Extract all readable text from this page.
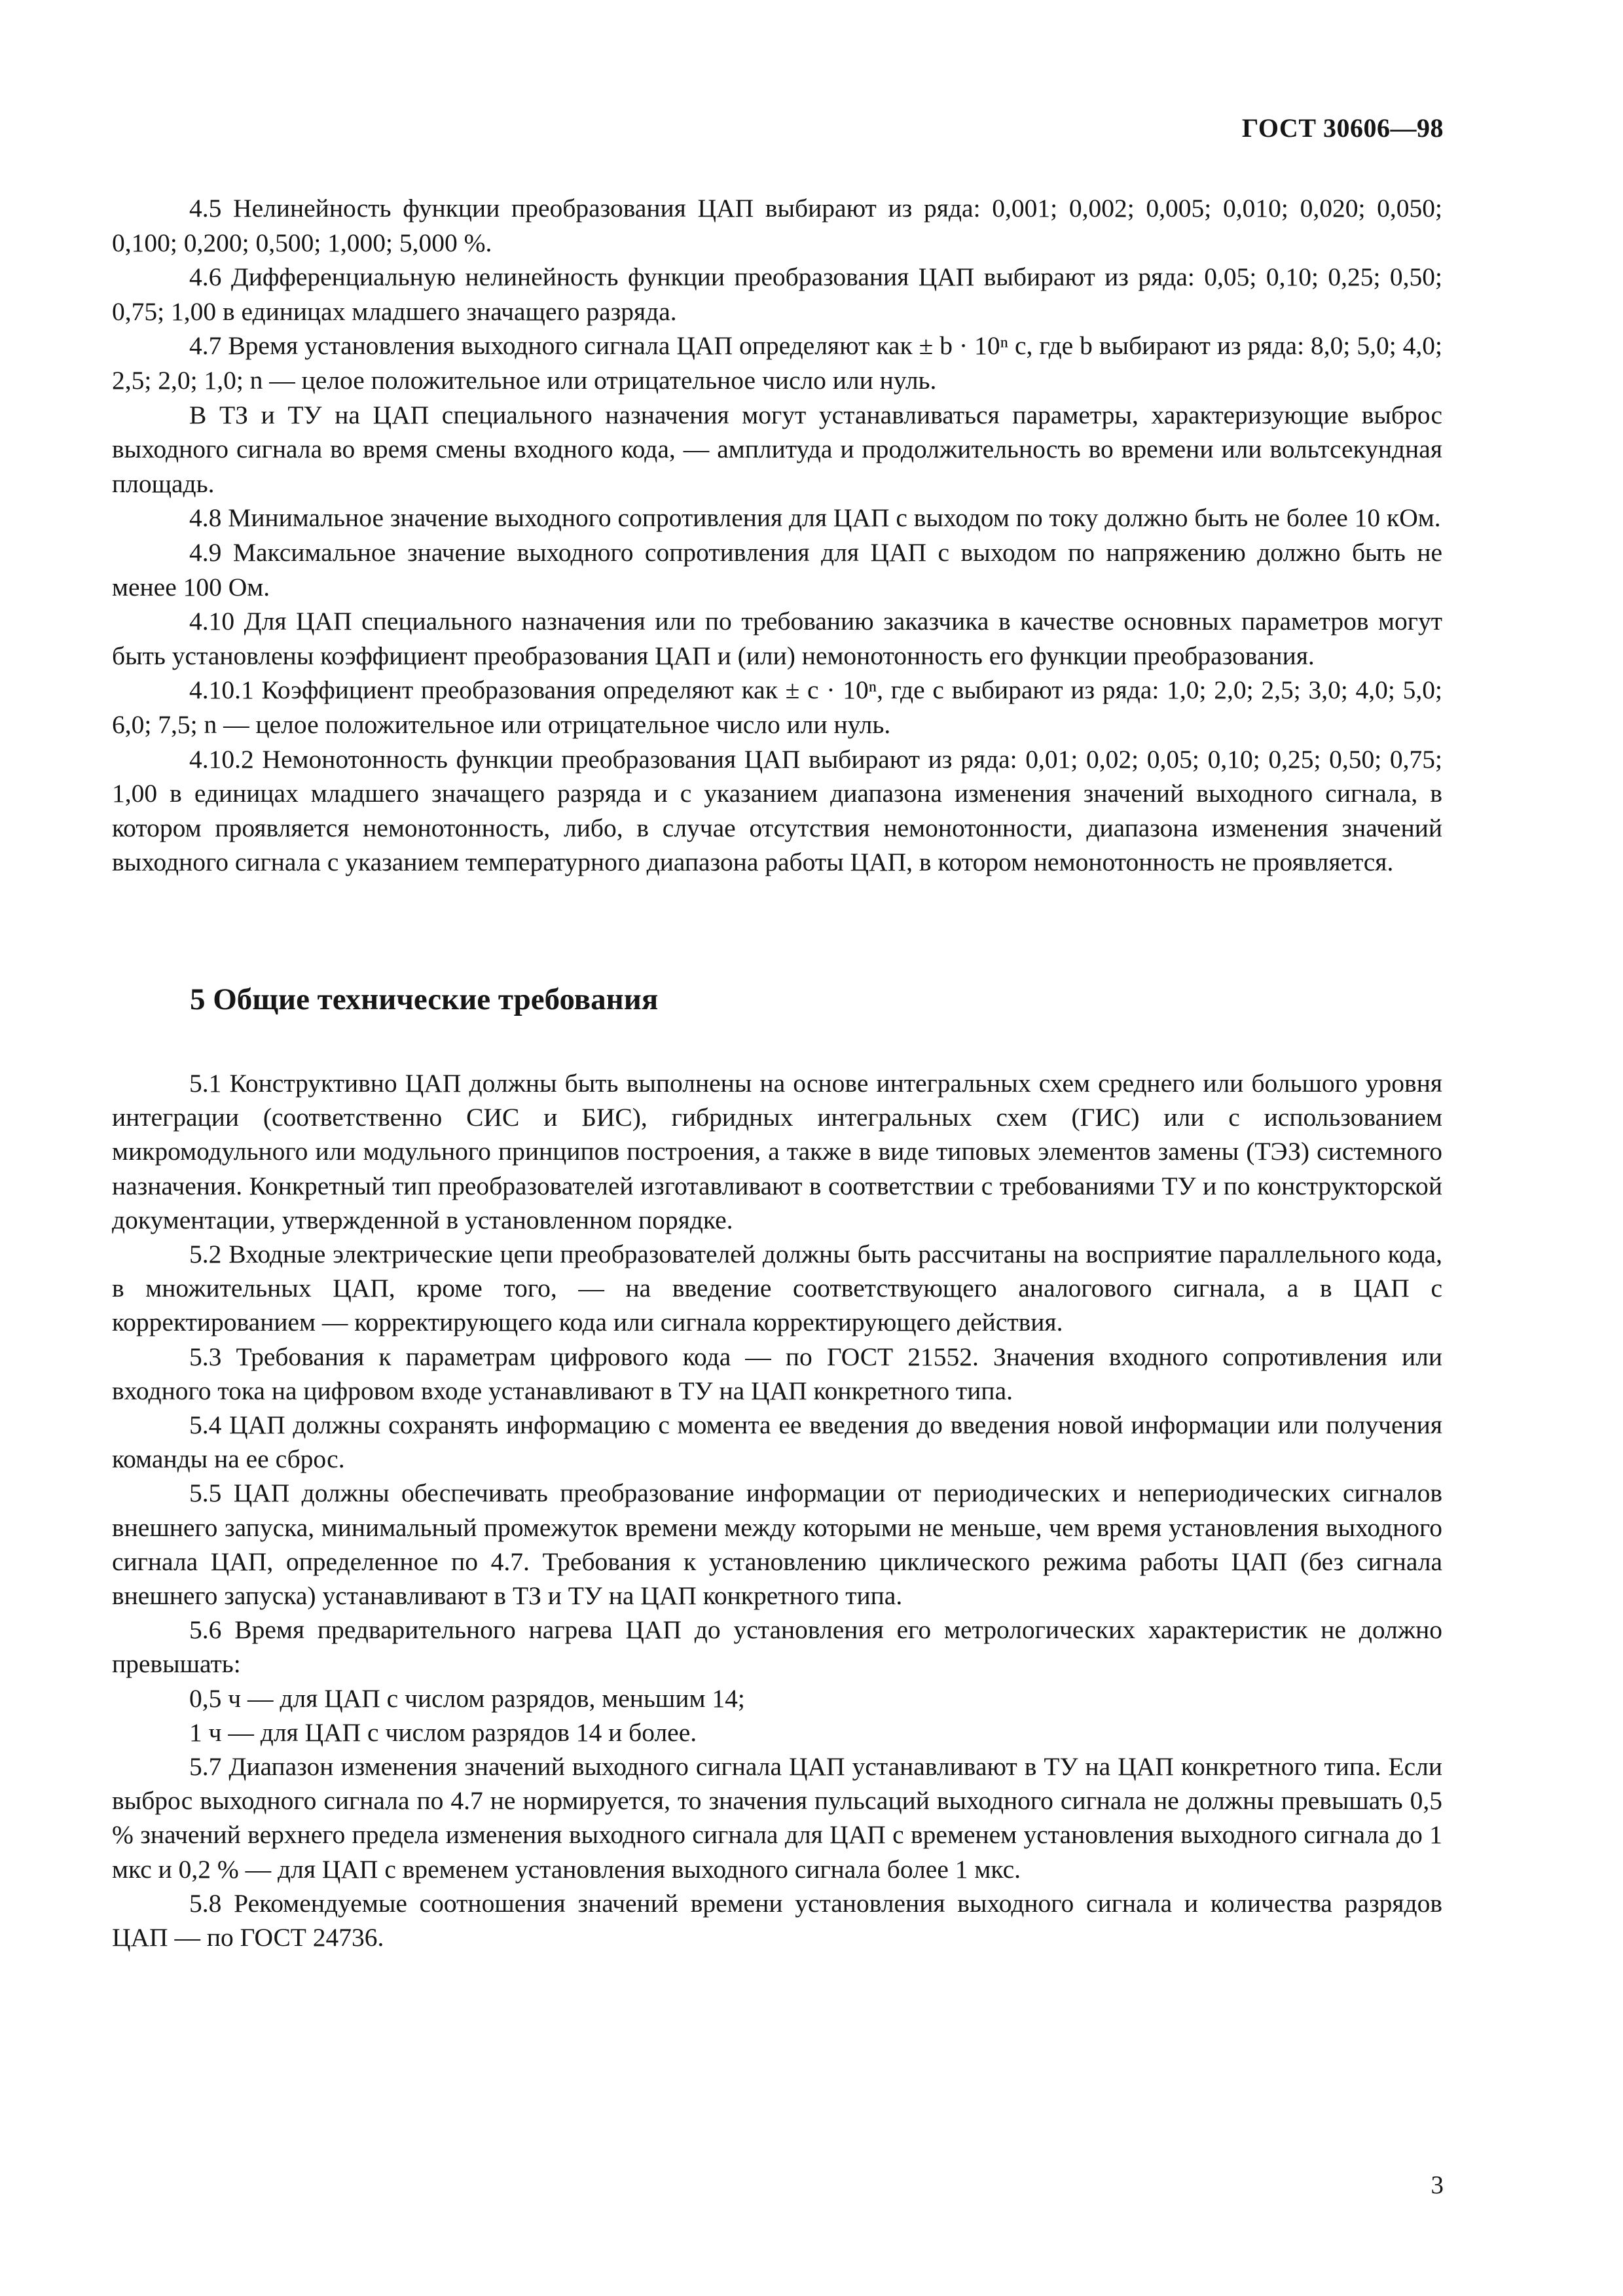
ГОСТ 30606—98

4.5 Нелинейность функции преобразования ЦАП выбирают из ряда: 0,001; 0,002; 0,005; 0,010; 0,020; 0,050; 0,100; 0,200; 0,500; 1,000; 5,000 %.

4.6 Дифференциальную нелинейность функции преобразования ЦАП выбирают из ряда: 0,05; 0,10; 0,25; 0,50; 0,75; 1,00 в единицах младшего значащего разряда.

4.7 Время установления выходного сигнала ЦАП определяют как ± b · 10ⁿ с, где b выбирают из ряда: 8,0; 5,0; 4,0; 2,5; 2,0; 1,0; n — целое положительное или отрицательное число или нуль.

В ТЗ и ТУ на ЦАП специального назначения могут устанавливаться параметры, характеризующие выброс выходного сигнала во время смены входного кода, — амплитуда и продолжительность во времени или вольтсекундная площадь.

4.8 Минимальное значение выходного сопротивления для ЦАП с выходом по току должно быть не более 10 кОм.

4.9 Максимальное значение выходного сопротивления для ЦАП с выходом по напряжению должно быть не менее 100 Ом.

4.10 Для ЦАП специального назначения или по требованию заказчика в качестве основных параметров могут быть установлены коэффициент преобразования ЦАП и (или) немонотонность его функции преобразования.

4.10.1 Коэффициент преобразования определяют как ± c · 10ⁿ, где c выбирают из ряда: 1,0; 2,0; 2,5; 3,0; 4,0; 5,0; 6,0; 7,5; n — целое положительное или отрицательное число или нуль.

4.10.2 Немонотонность функции преобразования ЦАП выбирают из ряда: 0,01; 0,02; 0,05; 0,10; 0,25; 0,50; 0,75; 1,00 в единицах младшего значащего разряда и с указанием диапазона изменения значений выходного сигнала, в котором проявляется немонотонность, либо, в случае отсутствия немонотонности, диапазона изменения значений выходного сигнала с указанием температурного диапазона работы ЦАП, в котором немонотонность не проявляется.

5 Общие технические требования

5.1 Конструктивно ЦАП должны быть выполнены на основе интегральных схем среднего или большого уровня интеграции (соответственно СИС и БИС), гибридных интегральных схем (ГИС) или с использованием микромодульного или модульного принципов построения, а также в виде типовых элементов замены (ТЭЗ) системного назначения. Конкретный тип преобразователей изготавливают в соответствии с требованиями ТУ и по конструкторской документации, утвержденной в установленном порядке.

5.2 Входные электрические цепи преобразователей должны быть рассчитаны на восприятие параллельного кода, в множительных ЦАП, кроме того, — на введение соответствующего аналогового сигнала, а в ЦАП с корректированием — корректирующего кода или сигнала корректирующего действия.

5.3 Требования к параметрам цифрового кода — по ГОСТ 21552. Значения входного сопротивления или входного тока на цифровом входе устанавливают в ТУ на ЦАП конкретного типа.

5.4 ЦАП должны сохранять информацию с момента ее введения до введения новой информации или получения команды на ее сброс.

5.5 ЦАП должны обеспечивать преобразование информации от периодических и непериодических сигналов внешнего запуска, минимальный промежуток времени между которыми не меньше, чем время установления выходного сигнала ЦАП, определенное по 4.7. Требования к установлению циклического режима работы ЦАП (без сигнала внешнего запуска) устанавливают в ТЗ и ТУ на ЦАП конкретного типа.

5.6 Время предварительного нагрева ЦАП до установления его метрологических характеристик не должно превышать:

0,5 ч — для ЦАП с числом разрядов, меньшим 14;

1 ч — для ЦАП с числом разрядов 14 и более.

5.7 Диапазон изменения значений выходного сигнала ЦАП устанавливают в ТУ на ЦАП конкретного типа. Если выброс выходного сигнала по 4.7 не нормируется, то значения пульсаций выходного сигнала не должны превышать 0,5 % значений верхнего предела изменения выходного сигнала для ЦАП с временем установления выходного сигнала до 1 мкс и 0,2 % — для ЦАП с временем установления выходного сигнала более 1 мкс.

5.8 Рекомендуемые соотношения значений времени установления выходного сигнала и количества разрядов ЦАП — по ГОСТ 24736.

3
